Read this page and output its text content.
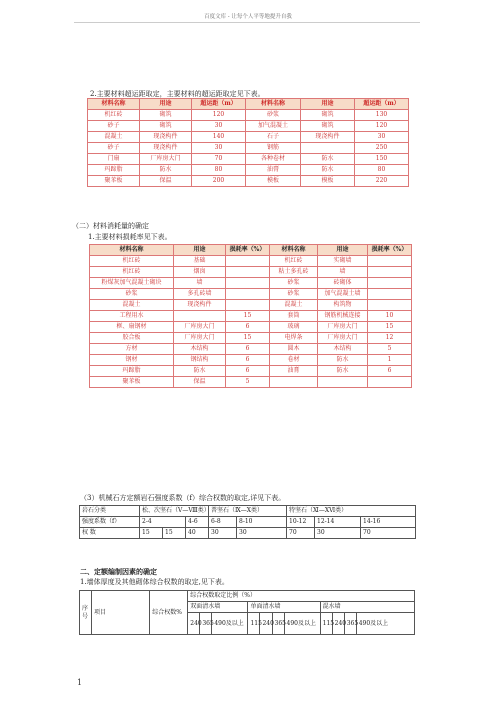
百度文库 - 让每个人平等地提升自我
2.主要材料超运距取定，主要材料的超运距取定见下表。
材料名称	用途	超运距（m）	材料名称	用途	超运距（m）
机红砖	砌筑	120	砂浆	砌筑	130
砂子	砌筑	30	加气混凝土	砌筑	120
混凝土	现浇构件	140	石子	现浇构件	30
砂子	现浇构件	30	钢筋		250
门扇	厂库房大门	70	各种卷材	防水	150
玛蹄脂	防水	80	油膏	防水	80
聚苯板	保温	200	模板	模板	220
（二）材料消耗量的确定
1.主要材料损耗率见下表。
材料名称	用途	损耗率（%）	材料名称	用途	损耗率（%）
机红砖	基础		机红砖	实砌墙	
机红砖	烟囱		粘土多孔砖	墙	
粉煤灰加气混凝土砌块	墙		砂浆	砖砌体	
砂浆	多孔砖墙		砂浆	加气混凝土墙	
混凝土	现浇构件		混凝土	构筑物	
工程用水		15	套筒	钢筋机械连接	10
框、扇钢材	厂库房大门	6	玻璃	厂库房大门	15
胶合板	厂库房大门	15	电焊条	厂库房大门	12
方材	木结构	6	圆木	木结构	5
钢材	钢结构	6	卷材	防水	1
玛蹄脂	防水	6	油膏	防水	6
聚苯板	保温	5			
（3）机械石方定额岩石强度系数（f）综合权数的取定,详见下表。
岩石分类	松、次坚石（Ⅴ—Ⅷ类）			普坚石（Ⅸ—Ⅹ类）		特坚石（Ⅺ—ⅩⅥ类）		
强度系数（f）	2-4		4-6	6-8	8-10	10-12	12-14	14-16
权 数	15	15	40	30	30	70	30	70
二、定额编制因素的确定
1.墙体厚度及其他砌体综合权数的取定,见下表。
序号	项目	综合权数%	综合权数取定比例（%）										
			双面清水墙			单面清水墙				混水墙			
			240	365	490及以上	115	240	365	490及以上	115	240	365	490及以上
1
